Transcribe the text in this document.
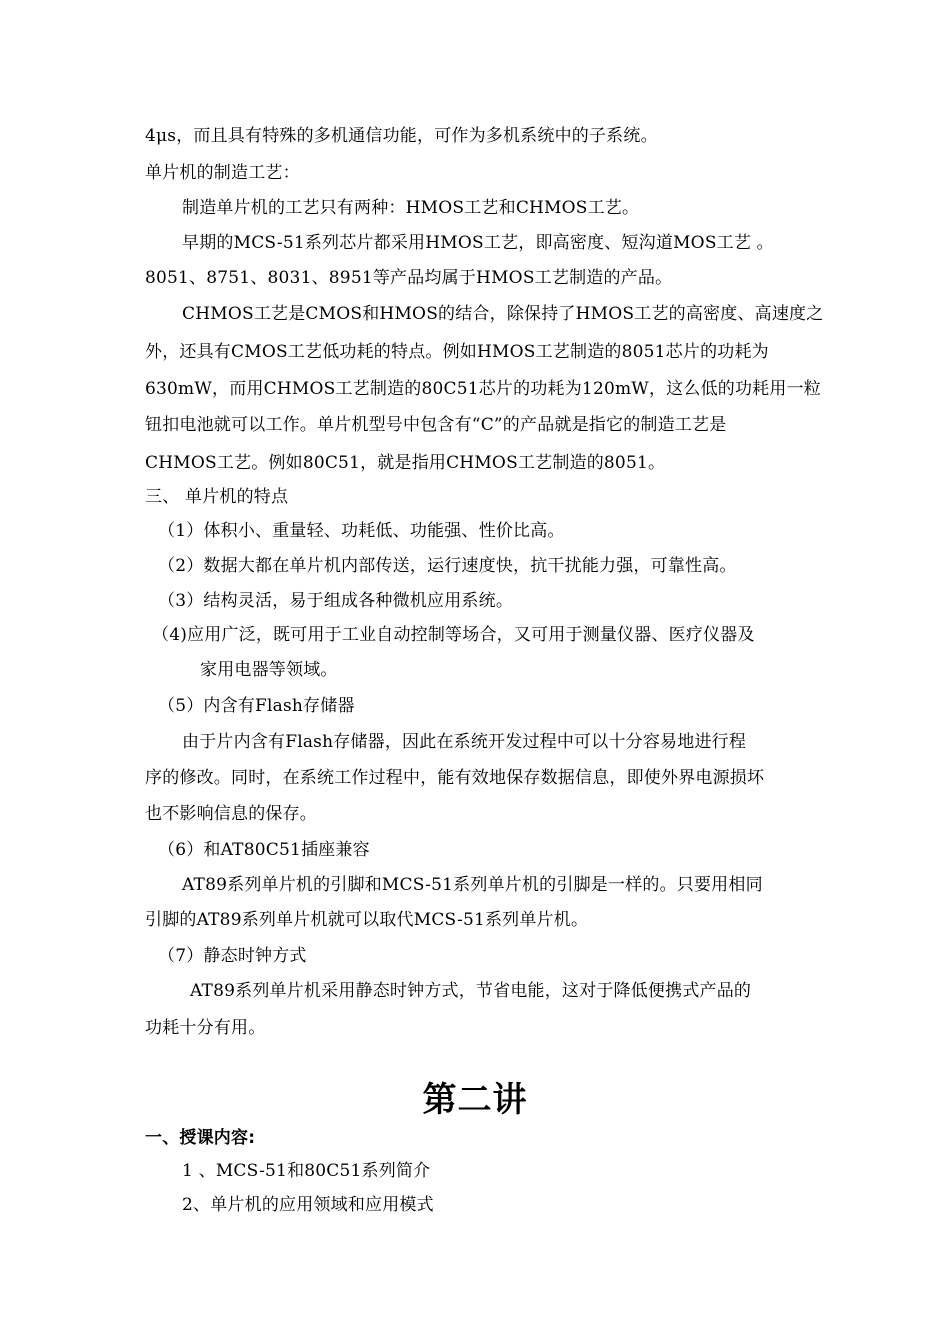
4μs，而且具有特殊的多机通信功能，可作为多机系统中的子系统。
单片机的制造工艺：
制造单片机的工艺只有两种：HMOS工艺和CHMOS工艺。
早期的MCS-51系列芯片都采用HMOS工艺，即高密度、短沟道MOS工艺 。
8051、8751、8031、8951等产品均属于HMOS工艺制造的产品。
CHMOS工艺是CMOS和HMOS的结合，除保持了HMOS工艺的高密度、高速度之
外，还具有CMOS工艺低功耗的特点。例如HMOS工艺制造的8051芯片的功耗为
630mW，而用CHMOS工艺制造的80C51芯片的功耗为120mW，这么低的功耗用一粒
钮扣电池就可以工作。单片机型号中包含有“C”的产品就是指它的制造工艺是
CHMOS工艺。例如80C51，就是指用CHMOS工艺制造的8051。
三、 单片机的特点
（1）体积小、重量轻、功耗低、功能强、性价比高。
（2）数据大都在单片机内部传送，运行速度快，抗干扰能力强，可靠性高。
（3）结构灵活，易于组成各种微机应用系统。
（4)应用广泛，既可用于工业自动控制等场合，又可用于测量仪器、医疗仪器及
家用电器等领域。
（5）内含有Flash存储器
由于片内含有Flash存储器，因此在系统开发过程中可以十分容易地进行程
序的修改。同时，在系统工作过程中，能有效地保存数据信息，即使外界电源损坏
也不影响信息的保存。
（6）和AT80C51插座兼容
AT89系列单片机的引脚和MCS-51系列单片机的引脚是一样的。只要用相同
引脚的AT89系列单片机就可以取代MCS-51系列单片机。
（7）静态时钟方式
AT89系列单片机采用静态时钟方式，节省电能，这对于降低便携式产品的
功耗十分有用。
第二讲
一、授课内容:
1 、MCS-51和80C51系列简介
2、单片机的应用领域和应用模式
